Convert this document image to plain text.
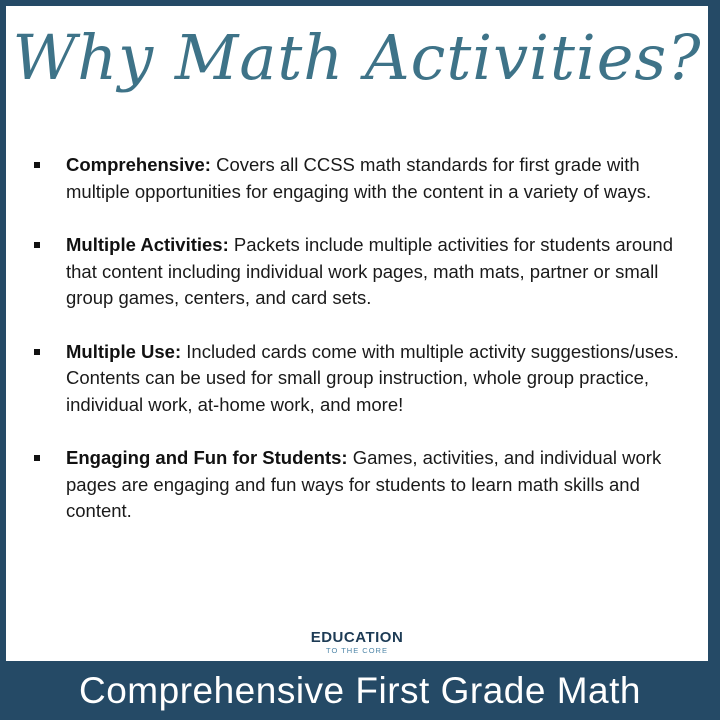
Why Math Activities?
Comprehensive: Covers all CCSS math standards for first grade with multiple opportunities for engaging with the content in a variety of ways.
Multiple Activities: Packets include multiple activities for students around that content including individual work pages, math mats, partner or small group games, centers, and card sets.
Multiple Use: Included cards come with multiple activity suggestions/uses. Contents can be used for small group instruction, whole group practice, individual work, at-home work, and more!
Engaging and Fun for Students: Games, activities, and individual work pages are engaging and fun ways for students to learn math skills and content.
EDUCATION
TO THE CORE
Comprehensive First Grade Math
